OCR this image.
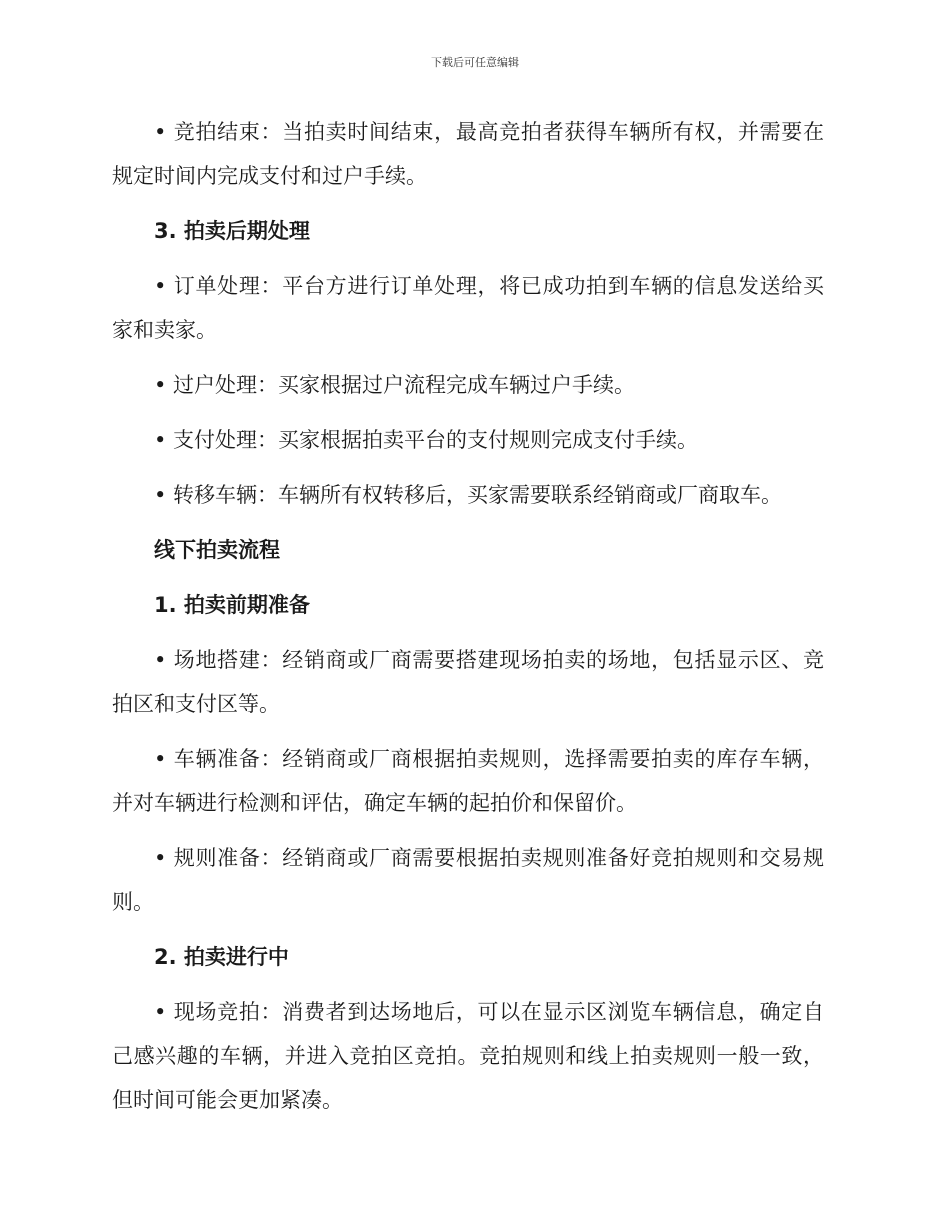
下载后可任意编辑

• 竞拍结束：当拍卖时间结束，最高竞拍者获得车辆所有权，并需要在规定时间内完成支付和过户手续。

3. 拍卖后期处理

• 订单处理：平台方进行订单处理，将已成功拍到车辆的信息发送给买家和卖家。

• 过户处理：买家根据过户流程完成车辆过户手续。

• 支付处理：买家根据拍卖平台的支付规则完成支付手续。

• 转移车辆：车辆所有权转移后，买家需要联系经销商或厂商取车。

线下拍卖流程

1. 拍卖前期准备

• 场地搭建：经销商或厂商需要搭建现场拍卖的场地，包括显示区、竞拍区和支付区等。

• 车辆准备：经销商或厂商根据拍卖规则，选择需要拍卖的库存车辆，并对车辆进行检测和评估，确定车辆的起拍价和保留价。

• 规则准备：经销商或厂商需要根据拍卖规则准备好竞拍规则和交易规则。

2. 拍卖进行中

• 现场竞拍：消费者到达场地后，可以在显示区浏览车辆信息，确定自己感兴趣的车辆，并进入竞拍区竞拍。竞拍规则和线上拍卖规则一般一致，但时间可能会更加紧凑。
